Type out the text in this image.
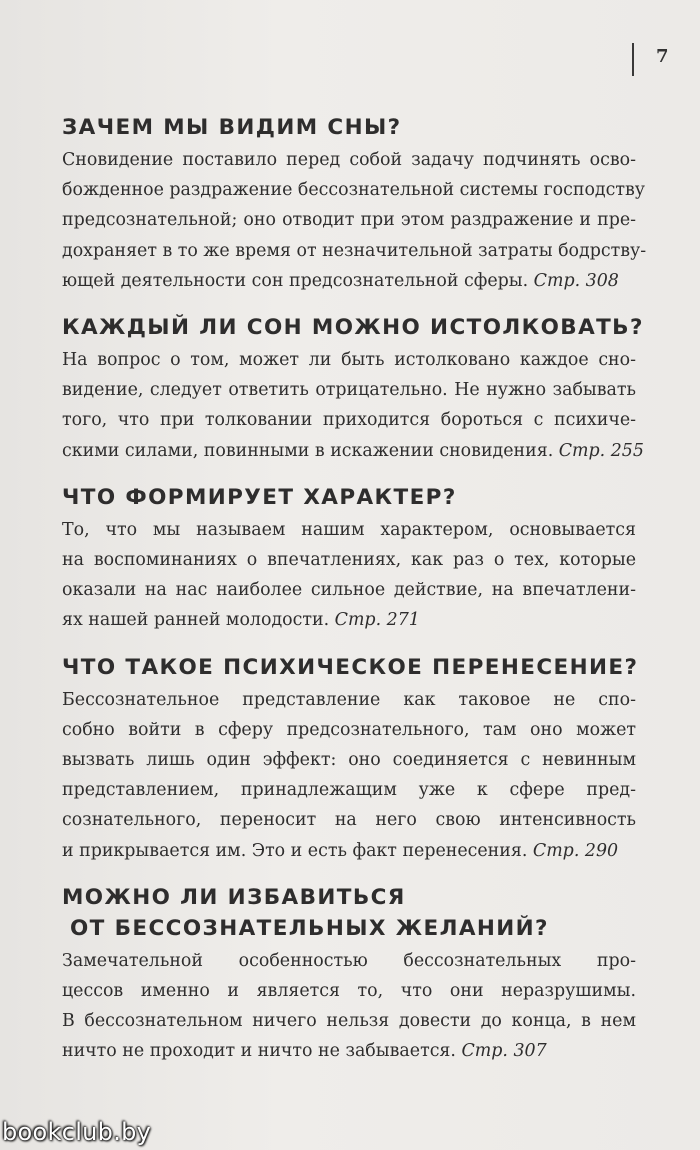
7
ЗАЧЕМ МЫ ВИДИМ СНЫ?
Сновидение поставило перед собой задачу подчинять осво-
божденное раздражение бессознательной системы господству
предсознательной; оно отводит при этом раздражение и пре-
дохраняет в то же время от незначительной затраты бодрству-
ющей деятельности сон предсознательной сферы. Стр. 308
КАЖДЫЙ ЛИ СОН МОЖНО ИСТОЛКОВАТЬ?
На вопрос о том, может ли быть истолковано каждое сно-
видение, следует ответить отрицательно. Не нужно забывать
того, что при толковании приходится бороться с психиче-
скими силами, повинными в искажении сновидения. Стр. 255
ЧТО ФОРМИРУЕТ ХАРАКТЕР?
То, что мы называем нашим характером, основывается
на воспоминаниях о впечатлениях, как раз о тех, которые
оказали на нас наиболее сильное действие, на впечатлени-
ях нашей ранней молодости. Стр. 271
ЧТО ТАКОЕ ПСИХИЧЕСКОЕ ПЕРЕНЕСЕНИЕ?
Бессознательное представление как таковое не спо-
собно войти в сферу предсознательного, там оно может
вызвать лишь один эффект: оно соединяется с невинным
представлением, принадлежащим уже к сфере пред-
сознательного, переносит на него свою интенсивность
и прикрывается им. Это и есть факт перенесения. Стр. 290
МОЖНО ЛИ ИЗБАВИТЬСЯ
ОТ БЕССОЗНАТЕЛЬНЫХ ЖЕЛАНИЙ?
Замечательной особенностью бессознательных про-
цессов именно и является то, что они неразрушимы.
В бессознательном ничего нельзя довести до конца, в нем
ничто не проходит и ничто не забывается. Стр. 307
bookclub.by
